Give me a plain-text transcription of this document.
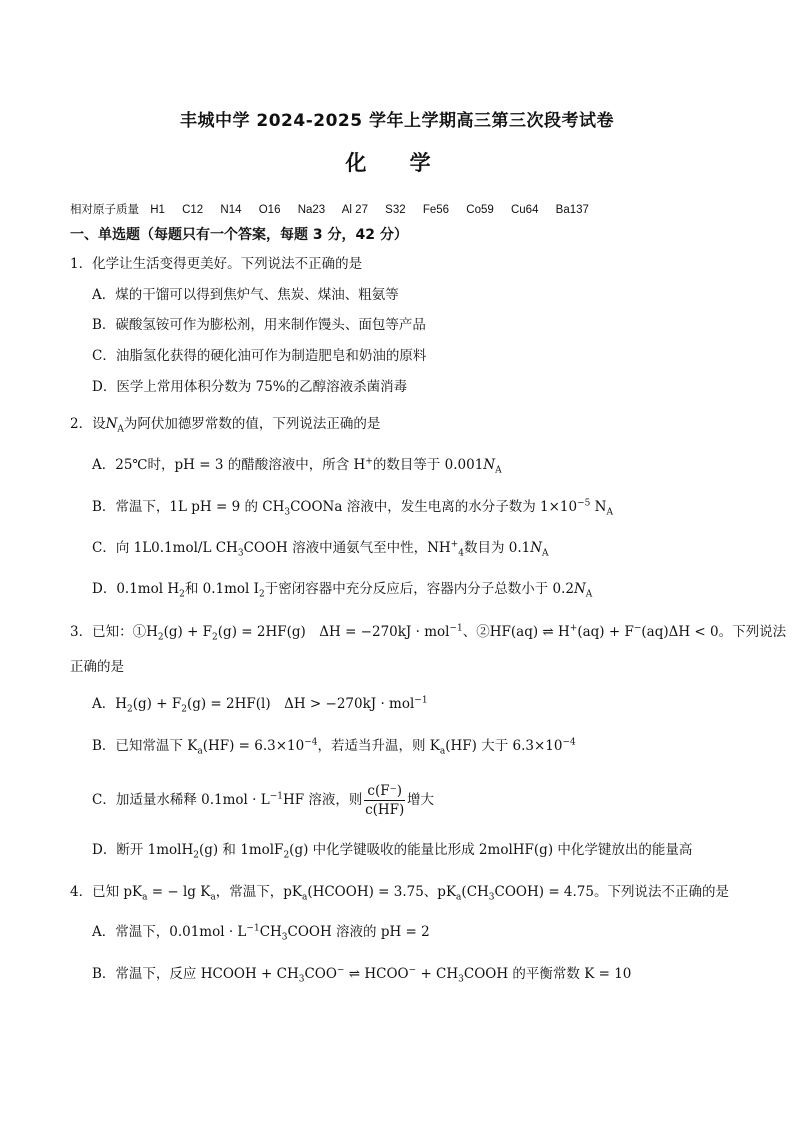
丰城中学 2024-2025 学年上学期高三第三次段考试卷
化 学
相对原子质量 H1 C12 N14 O16 Na23 Al 27 S32 Fe56 Co59 Cu64 Ba137
一、单选题（每题只有一个答案，每题 3 分，42 分）
1．化学让生活变得更美好。下列说法不正确的是
A．煤的干馏可以得到焦炉气、焦炭、煤油、粗氨等
B．碳酸氢铵可作为膨松剂，用来制作馒头、面包等产品
C．油脂氢化获得的硬化油可作为制造肥皂和奶油的原料
D．医学上常用体积分数为 75%的乙醇溶液杀菌消毒
2．设$N_A$为阿伏加德罗常数的值，下列说法正确的是
A．25℃时，pH = 3 的醋酸溶液中，所含 H+的数目等于 $0.001N_A$
B．常温下，1L pH = 9 的 $CH_3COONa$ 溶液中，发生电离的水分子数为 $1\times 10^{-5}$ $N_A$
C．向 1L0.1mol/L $CH_3COOH$ 溶液中通氨气至中性，$NH^+_4$数目为 $0.1N_A$
D．0.1mol $H_2$和 0.1mol $I_2$于密闭容器中充分反应后，容器内分子总数小于 $0.2N_A$
3．已知：$①H_2(g) + F_2(g) = 2HF(g)$　ΔH = −270kJ · mol$^{-1}$、②HF(aq) ⇌ H+(aq) + F−(aq)ΔH < 0。下列说法
正确的是
A．$H_2(g) + F_2(g) = 2HF(l)$　ΔH > −270kJ · mol$^{-1}$
B．已知常温下 $K_a(HF) = 6.3\times 10^{-4}$，若适当升温，则 $K_a(HF)$ 大于 $6.3\times 10^{-4}$
C．加适量水稀释 $0.1mol \cdot L^{-1}HF$ 溶液，则 $\frac{c(F^-)}{c(HF)}$ 增大
D．断开 1molH$_2$(g) 和 1molF$_2$(g) 中化学键吸收的能量比形成 2molHF(g) 中化学键放出的能量高
4．已知 $pK_a$ = − $\lg K_a$，常温下，$pK_a(HCOOH) = 3.75$、$pK_a(CH_3COOH) = 4.75$。下列说法不正确的是
A．常温下，$0.01mol \cdot L^{-1}CH_3COOH$ 溶液的 pH = 2
B．常温下，反应 HCOOH + $CH_3COO^-$ ⇌ HCOO− + $CH_3COOH$ 的平衡常数 K = 10
